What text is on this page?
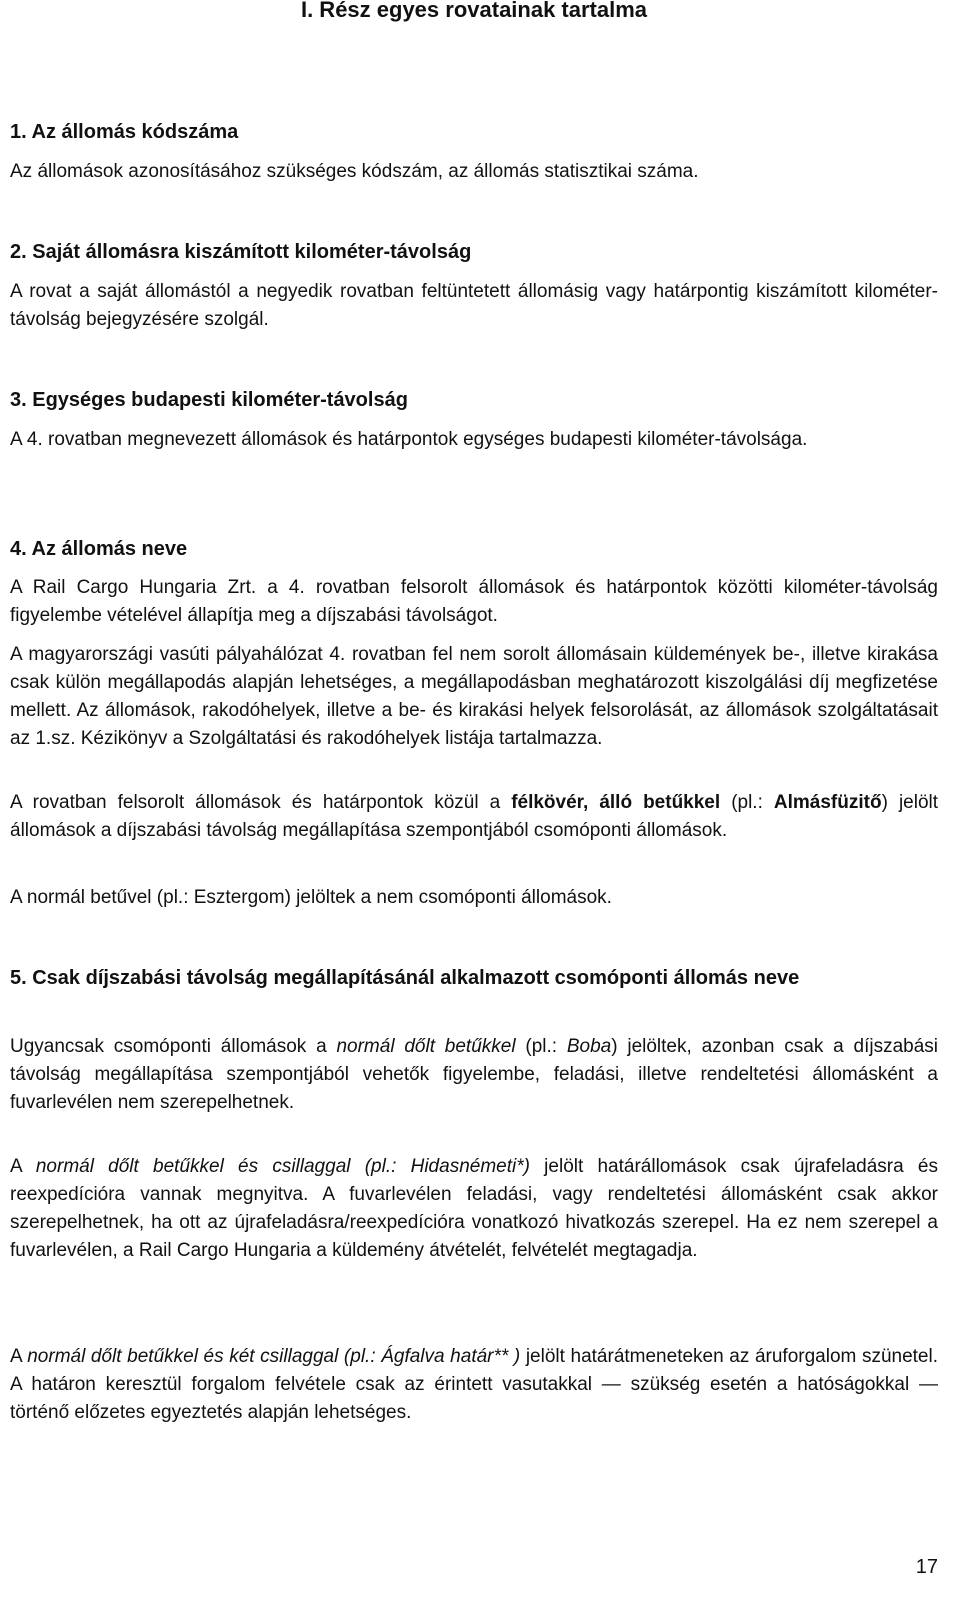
I. Rész egyes rovatainak tartalma
1. Az állomás kódszáma
Az állomások azonosításához szükséges kódszám, az állomás statisztikai száma.
2. Saját állomásra kiszámított kilométer-távolság
A rovat a saját állomástól a negyedik rovatban feltüntetett állomásig vagy határpontig kiszámított kilométer-távolság bejegyzésére szolgál.
3. Egységes budapesti kilométer-távolság
A 4. rovatban megnevezett állomások és határpontok egységes budapesti kilométer-távolsága.
4. Az állomás neve
A Rail Cargo Hungaria Zrt. a 4. rovatban felsorolt állomások és határpontok közötti kilométer-távolság figyelembe vételével állapítja meg a díjszabási távolságot.
A magyarországi vasúti pályahálózat 4. rovatban fel nem sorolt állomásain küldemények be-, illetve kirakása csak külön megállapodás alapján lehetséges, a megállapodásban meghatározott kiszolgálási díj megfizetése mellett. Az állomások, rakodóhelyek, illetve a be- és kirakási helyek felsorolását, az állomások szolgáltatásait az 1.sz. Kézikönyv a Szolgáltatási és rakodóhelyek listája tartalmazza.
A rovatban felsorolt állomások és határpontok közül a félkövér, álló betűkkel (pl.: Almásfüzitő) jelölt állomások a díjszabási távolság megállapítása szempontjából csomóponti állomások.
A normál betűvel (pl.: Esztergom) jelöltek a nem csomóponti állomások.
5. Csak díjszabási távolság megállapításánál alkalmazott csomóponti állomás neve
Ugyancsak csomóponti állomások a normál dőlt betűkkel (pl.: Boba) jelöltek, azonban csak a díjszabási távolság megállapítása szempontjából vehetők figyelembe, feladási, illetve rendeltetési állomásként a fuvarlevélen nem szerepelhetnek.
A normál dőlt betűkkel és csillaggal (pl.: Hidasnémeti*) jelölt határállomások csak újrafeladásra és reexpedícióra vannak megnyitva. A fuvarlevélen feladási, vagy rendeltetési állomásként csak akkor szerepelhetnek, ha ott az újrafeladásra/reexpedícióra vonatkozó hivatkozás szerepel. Ha ez nem szerepel a fuvarlevélen, a Rail Cargo Hungaria a küldemény átvételét, felvételét megtagadja.
A normál dőlt betűkkel és két csillaggal (pl.: Ágfalva határ** ) jelölt határátmeneteken az áruforgalom szünetel. A határon keresztül forgalom felvétele csak az érintett vasutakkal — szükség esetén a hatóságokkal — történő előzetes egyeztetés alapján lehetséges.
17
